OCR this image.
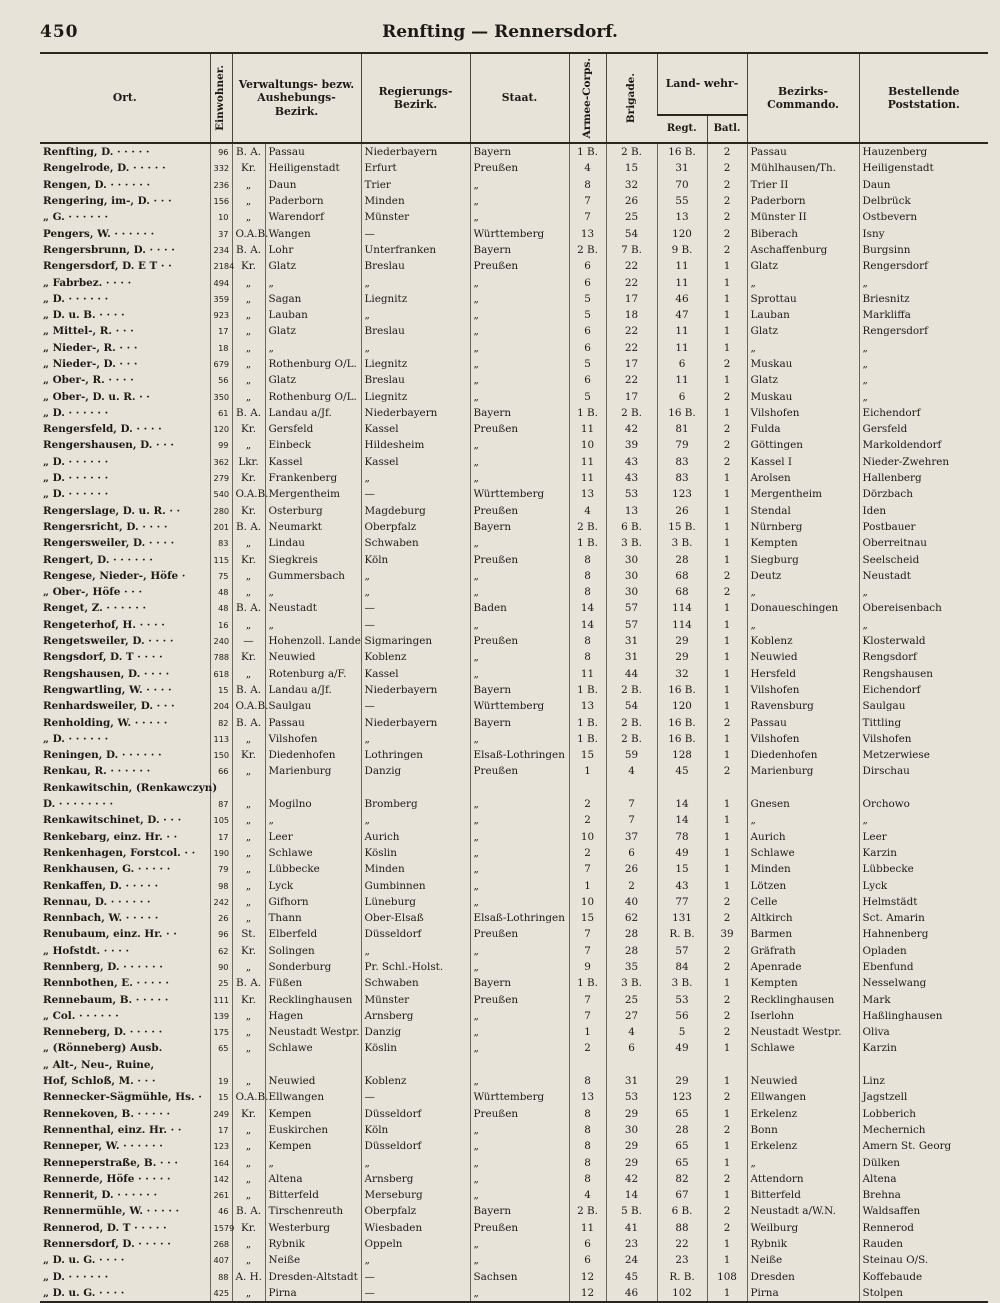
450	Renfting — Rennersdorf.
Ort.	Einwohner.	Verwaltungs- bezw. Aushebungs- Bezirk.		Regierungs- Bezirk.	Staat.	Armee-Corps.	Brigade.	Land- wehr-		Bezirks- Commando.	Bestellende Poststation.
								Regt.	Batl.		
Renfting, D. · · · · ·	96	B. A.	Passau	Niederbayern	Bayern	1 B.	2 B.	16 B.	2	Passau	Hauzenberg
Rengelrode, D. · · · · ·	332	Kr.	Heiligenstadt	Erfurt	Preußen	4	15	31	2	Mühlhausen/Th.	Heiligenstadt
Rengen, D. · · · · · ·	236	„	Daun	Trier	„	8	32	70	2	Trier II	Daun
Rengering, im-, D. · · ·	156	„	Paderborn	Minden	„	7	26	55	2	Paderborn	Delbrück
„ G. · · · · · ·	10	„	Warendorf	Münster	„	7	25	13	2	Münster II	Ostbevern
Pengers, W. · · · · · ·	37	O.A.B.	Wangen	—	Württemberg	13	54	120	2	Biberach	Isny
Rengersbrunn, D. · · · ·	234	B. A.	Lohr	Unterfranken	Bayern	2 B.	7 B.	9 B.	2	Aschaffenburg	Burgsinn
Rengersdorf, D. E T · ·	2184	Kr.	Glatz	Breslau	Preußen	6	22	11	1	Glatz	Rengersdorf
„ Fabrbez. · · · ·	494	„	„	„	„	6	22	11	1	„	„
„ D. · · · · · ·	359	„	Sagan	Liegnitz	„	5	17	46	1	Sprottau	Briesnitz
„ D. u. B. · · · ·	923	„	Lauban	„	„	5	18	47	1	Lauban	Markliffa
„ Mittel-, R. · · ·	17	„	Glatz	Breslau	„	6	22	11	1	Glatz	Rengersdorf
„ Nieder-, R. · · ·	18	„	„	„	„	6	22	11	1	„	„
„ Nieder-, D. · · ·	679	„	Rothenburg O/L.	Liegnitz	„	5	17	6	2	Muskau	„
„ Ober-, R. · · · ·	56	„	Glatz	Breslau	„	6	22	11	1	Glatz	„
„ Ober-, D. u. R. · ·	350	„	Rothenburg O/L.	Liegnitz	„	5	17	6	2	Muskau	„
„ D. · · · · · ·	61	B. A.	Landau a/Jf.	Niederbayern	Bayern	1 B.	2 B.	16 B.	1	Vilshofen	Eichendorf
Rengersfeld, D. · · · ·	120	Kr.	Gersfeld	Kassel	Preußen	11	42	81	2	Fulda	Gersfeld
Rengershausen, D. · · ·	99	„	Einbeck	Hildesheim	„	10	39	79	2	Göttingen	Markoldendorf
„ D. · · · · · ·	362	Lkr.	Kassel	Kassel	„	11	43	83	2	Kassel I	Nieder-Zwehren
„ D. · · · · · ·	279	Kr.	Frankenberg	„	„	11	43	83	1	Arolsen	Hallenberg
„ D. · · · · · ·	540	O.A.B.	Mergentheim	—	Württemberg	13	53	123	1	Mergentheim	Dörzbach
Rengerslage, D. u. R. · ·	280	Kr.	Osterburg	Magdeburg	Preußen	4	13	26	1	Stendal	Iden
Rengersricht, D. · · · ·	201	B. A.	Neumarkt	Oberpfalz	Bayern	2 B.	6 B.	15 B.	1	Nürnberg	Postbauer
Rengersweiler, D. · · · ·	83	„	Lindau	Schwaben	„	1 B.	3 B.	3 B.	1	Kempten	Oberreitnau
Rengert, D. · · · · · ·	115	Kr.	Siegkreis	Köln	Preußen	8	30	28	1	Siegburg	Seelscheid
Rengese, Nieder-, Höfe ·	75	„	Gummersbach	„	„	8	30	68	2	Deutz	Neustadt
„ Ober-, Höfe · · ·	48	„	„	„	„	8	30	68	2	„	„
Renget, Z. · · · · · ·	48	B. A.	Neustadt	—	Baden	14	57	114	1	Donaueschingen	Obereisenbach
Rengeterhof, H. · · · ·	16	„	„	—	„	14	57	114	1	„	„
Rengetsweiler, D. · · · ·	240	—	Hohenzoll. Lande	Sigmaringen	Preußen	8	31	29	1	Koblenz	Klosterwald
Rengsdorf, D. T · · · ·	788	Kr.	Neuwied	Koblenz	„	8	31	29	1	Neuwied	Rengsdorf
Rengshausen, D. · · · ·	618	„	Rotenburg a/F.	Kassel	„	11	44	32	1	Hersfeld	Rengshausen
Rengwartling, W. · · · ·	15	B. A.	Landau a/Jf.	Niederbayern	Bayern	1 B.	2 B.	16 B.	1	Vilshofen	Eichendorf
Renhardsweiler, D. · · ·	204	O.A.B.	Saulgau	—	Württemberg	13	54	120	1	Ravensburg	Saulgau
Renholding, W. · · · · ·	82	B. A.	Passau	Niederbayern	Bayern	1 B.	2 B.	16 B.	2	Passau	Tittling
„ D. · · · · · ·	113	„	Vilshofen	„	„	1 B.	2 B.	16 B.	1	Vilshofen	Vilshofen
Reningen, D. · · · · · ·	150	Kr.	Diedenhofen	Lothringen	Elsaß-Lothringen	15	59	128	1	Diedenhofen	Metzerwiese
Renkau, R. · · · · · ·	66	„	Marienburg	Danzig	Preußen	1	4	45	2	Marienburg	Dirschau
Renkawitschin, (Renkawczyn)											
D. · · · · · · · ·	87	„	Mogilno	Bromberg	„	2	7	14	1	Gnesen	Orchowo
Renkawitschinet, D. · · ·	105	„	„	„	„	2	7	14	1	„	„
Renkebarg, einz. Hr. · ·	17	„	Leer	Aurich	„	10	37	78	1	Aurich	Leer
Renkenhagen, Forstcol. · ·	190	„	Schlawe	Köslin	„	2	6	49	1	Schlawe	Karzin
Renkhausen, G. · · · · ·	79	„	Lübbecke	Minden	„	7	26	15	1	Minden	Lübbecke
Renkaffen, D. · · · · ·	98	„	Lyck	Gumbinnen	„	1	2	43	1	Lötzen	Lyck
Rennau, D. · · · · · ·	242	„	Gifhorn	Lüneburg	„	10	40	77	2	Celle	Helmstädt
Rennbach, W. · · · · ·	26	„	Thann	Ober-Elsaß	Elsaß-Lothringen	15	62	131	2	Altkirch	Sct. Amarin
Renubaum, einz. Hr. · ·	96	St.	Elberfeld	Düsseldorf	Preußen	7	28	R. B.	39	Barmen	Hahnenberg
„ Hofstdt. · · · ·	62	Kr.	Solingen	„	„	7	28	57	2	Gräfrath	Opladen
Rennberg, D. · · · · · ·	90	„	Sonderburg	Pr. Schl.-Holst.	„	9	35	84	2	Apenrade	Ebenfund
Rennbothen, E. · · · · ·	25	B. A.	Füßen	Schwaben	Bayern	1 B.	3 B.	3 B.	1	Kempten	Nesselwang
Rennebaum, B. · · · · ·	111	Kr.	Recklinghausen	Münster	Preußen	7	25	53	2	Recklinghausen	Mark
„ Col. · · · · · ·	139	„	Hagen	Arnsberg	„	7	27	56	2	Iserlohn	Haßlinghausen
Renneberg, D. · · · · ·	175	„	Neustadt Westpr.	Danzig	„	1	4	5	2	Neustadt Westpr.	Oliva
„ (Rönneberg) Ausb.	65	„	Schlawe	Köslin	„	2	6	49	1	Schlawe	Karzin
„ Alt-, Neu-, Ruine,											
Hof, Schloß, M. · · ·	19	„	Neuwied	Koblenz	„	8	31	29	1	Neuwied	Linz
Rennecker-Sägmühle, Hs. ·	15	O.A.B.	Ellwangen	—	Württemberg	13	53	123	2	Ellwangen	Jagstzell
Rennekoven, B. · · · · ·	249	Kr.	Kempen	Düsseldorf	Preußen	8	29	65	1	Erkelenz	Lobberich
Rennenthal, einz. Hr. · ·	17	„	Euskirchen	Köln	„	8	30	28	2	Bonn	Mechernich
Renneper, W. · · · · · ·	123	„	Kempen	Düsseldorf	„	8	29	65	1	Erkelenz	Amern St. Georg
Renneperstraße, B. · · ·	164	„	„	„	„	8	29	65	1	„	Dülken
Rennerde, Höfe · · · · ·	142	„	Altena	Arnsberg	„	8	42	82	2	Attendorn	Altena
Rennerit, D. · · · · · ·	261	„	Bitterfeld	Merseburg	„	4	14	67	1	Bitterfeld	Brehna
Rennermühle, W. · · · · ·	46	B. A.	Tirschenreuth	Oberpfalz	Bayern	2 B.	5 B.	6 B.	2	Neustadt a/W.N.	Waldsaffen
Rennerod, D. T · · · · ·	1579	Kr.	Westerburg	Wiesbaden	Preußen	11	41	88	2	Weilburg	Rennerod
Rennersdorf, D. · · · · ·	268	„	Rybnik	Oppeln	„	6	23	22	1	Rybnik	Rauden
„ D. u. G. · · · ·	407	„	Neiße	„	„	6	24	23	1	Neiße	Steinau O/S.
„ D. · · · · · ·	88	A. H.	Dresden-Altstadt	—	Sachsen	12	45	R. B.	108	Dresden	Koffebaude
„ D. u. G. · · · ·	425	„	Pirna	—	„	12	46	102	1	Pirna	Stolpen
